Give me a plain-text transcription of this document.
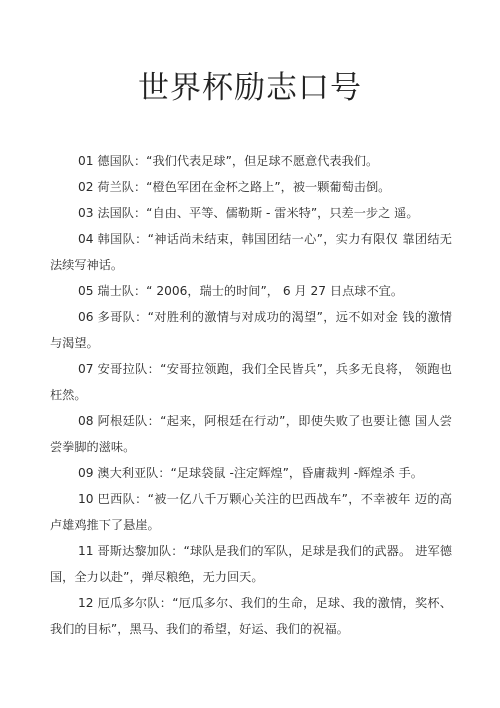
世界杯励志口号

01 德国队：“我们代表足球”，但足球不愿意代表我们。

02 荷兰队：“橙色军团在金杯之路上”，被一颗葡萄击倒。

03 法国队：“自由、平等、儒勒斯 - 雷米特”，只差一步之 遥。

04 韩国队：“神话尚未结束，韩国团结一心”，实力有限仅 靠团结无法续写神话。

05 瑞士队：“ 2006，瑞士的时间”， 6 月 27 日点球不宜。

06 多哥队：“对胜利的激情与对成功的渴望”，远不如对金 钱的激情与渴望。

07 安哥拉队：“安哥拉领跑，我们全民皆兵”，兵多无良将， 领跑也枉然。

08 阿根廷队：“起来，阿根廷在行动”，即使失败了也要让德 国人尝尝拳脚的滋味。

09 澳大利亚队：“足球袋鼠 -注定辉煌”，昏庸裁判 -辉煌杀 手。

10 巴西队：“被一亿八千万颗心关注的巴西战车”，不幸被年 迈的高卢雄鸡推下了悬崖。

11 哥斯达黎加队：“球队是我们的军队，足球是我们的武器。 进军德国，全力以赴”，弹尽粮绝，无力回天。

12 厄瓜多尔队：“厄瓜多尔、我们的生命，足球、我的激情，奖杯、我们的目标”，黑马、我们的希望，好运、我们的祝福。
